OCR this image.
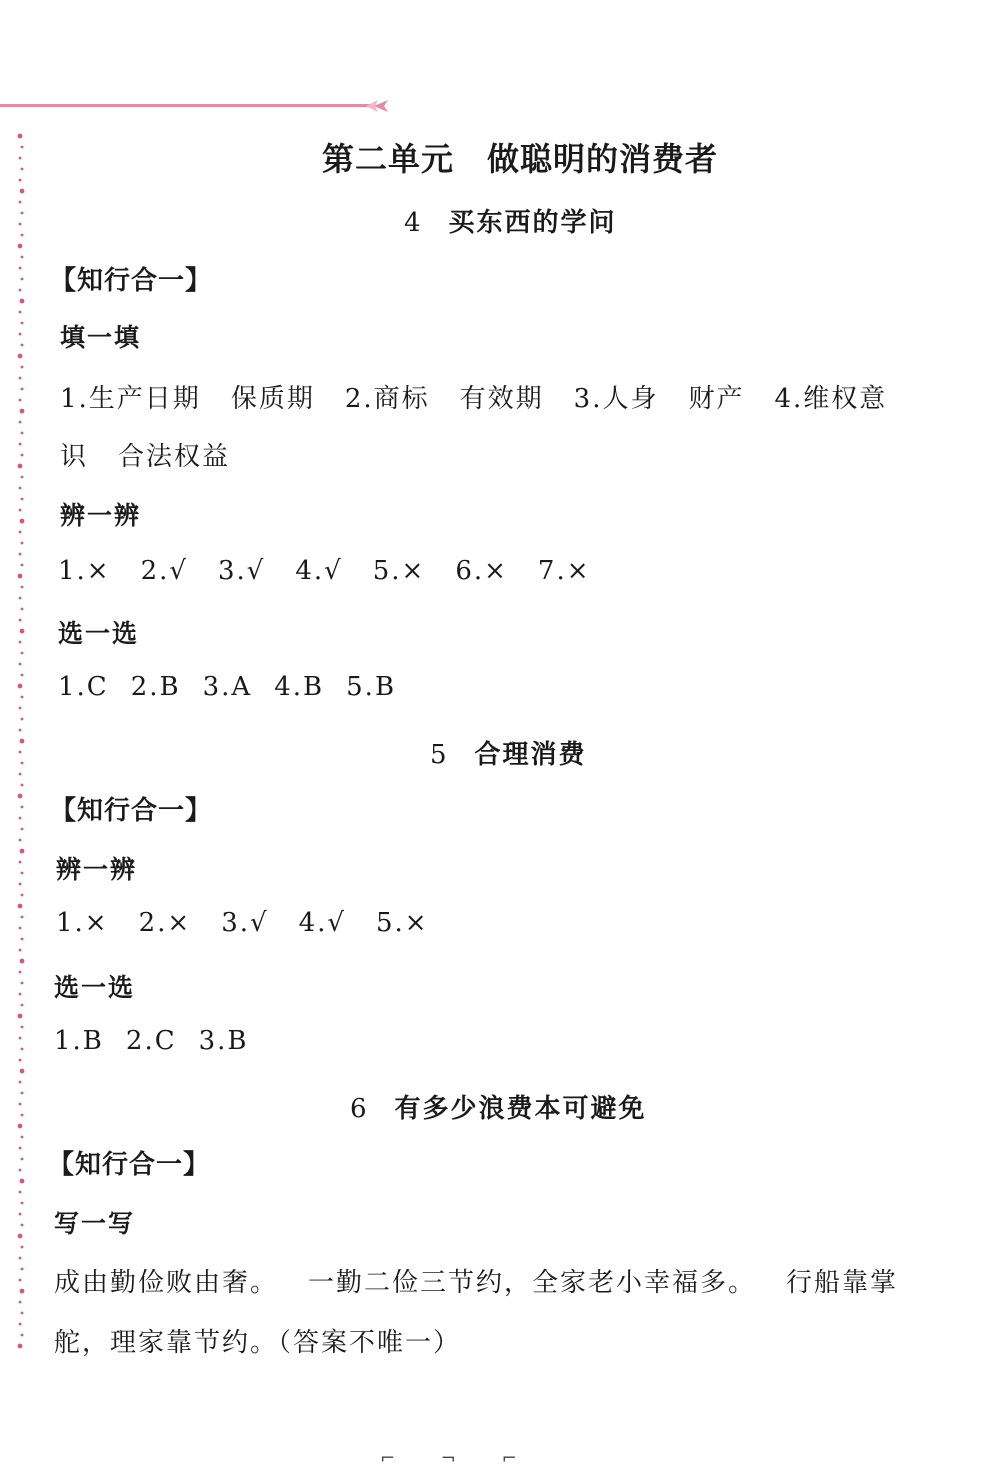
第二单元　做聪明的消费者
4 买东西的学问
【知行合一】
填一填
1.生产日期 保质期 2.商标 有效期 3.人身 财产 4.维权意
识 合法权益
辨一辨
1.× 2.√ 3.√ 4.√ 5.× 6.× 7.×
选一选
1.C 2.B 3.A 4.B 5.B
5 合理消费
【知行合一】
辨一辨
1.× 2.× 3.√ 4.√ 5.×
选一选
1.B 2.C 3.B
6 有多少浪费本可避免
【知行合一】
写一写
成由勤俭败由奢。 一勤二俭三节约，全家老小幸福多。 行船靠掌
舵，理家靠节约。（答案不唯一）
⌐ ¬ ⌐
